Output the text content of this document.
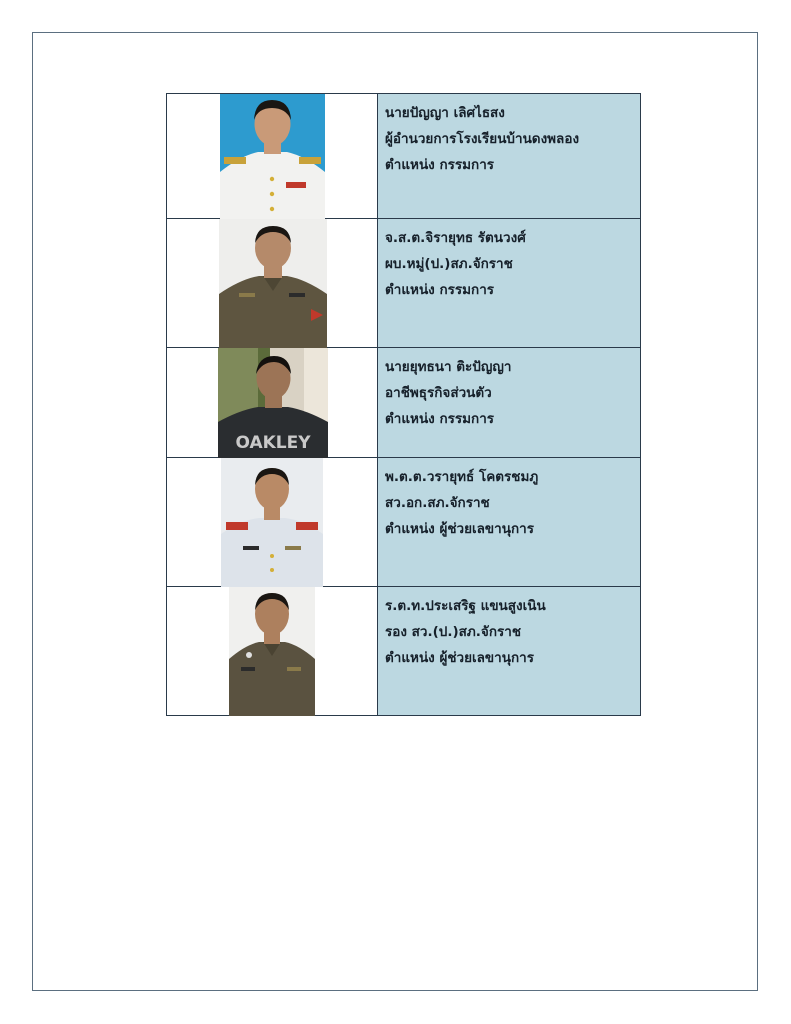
นายปัญญา เลิศไธสง
ผู้อำนวยการโรงเรียนบ้านดงพลอง
ตำแหน่ง กรรมการ

จ.ส.ต.จิรายุทธ รัตนวงศ์
ผบ.หมู่(ป.)สภ.จักราช
ตำแหน่ง กรรมการ

OAKLEY	นายยุทธนา ติะปัญญา
อาชีพธุรกิจส่วนตัว
ตำแหน่ง กรรมการ

พ.ต.ต.วรายุทธ์ โคตรชมภู
สว.อก.สภ.จักราช
ตำแหน่ง ผู้ช่วยเลขานุการ

ร.ต.ท.ประเสริฐ แขนสูงเนิน
รอง สว.(ป.)สภ.จักราช
ตำแหน่ง ผู้ช่วยเลขานุการ
